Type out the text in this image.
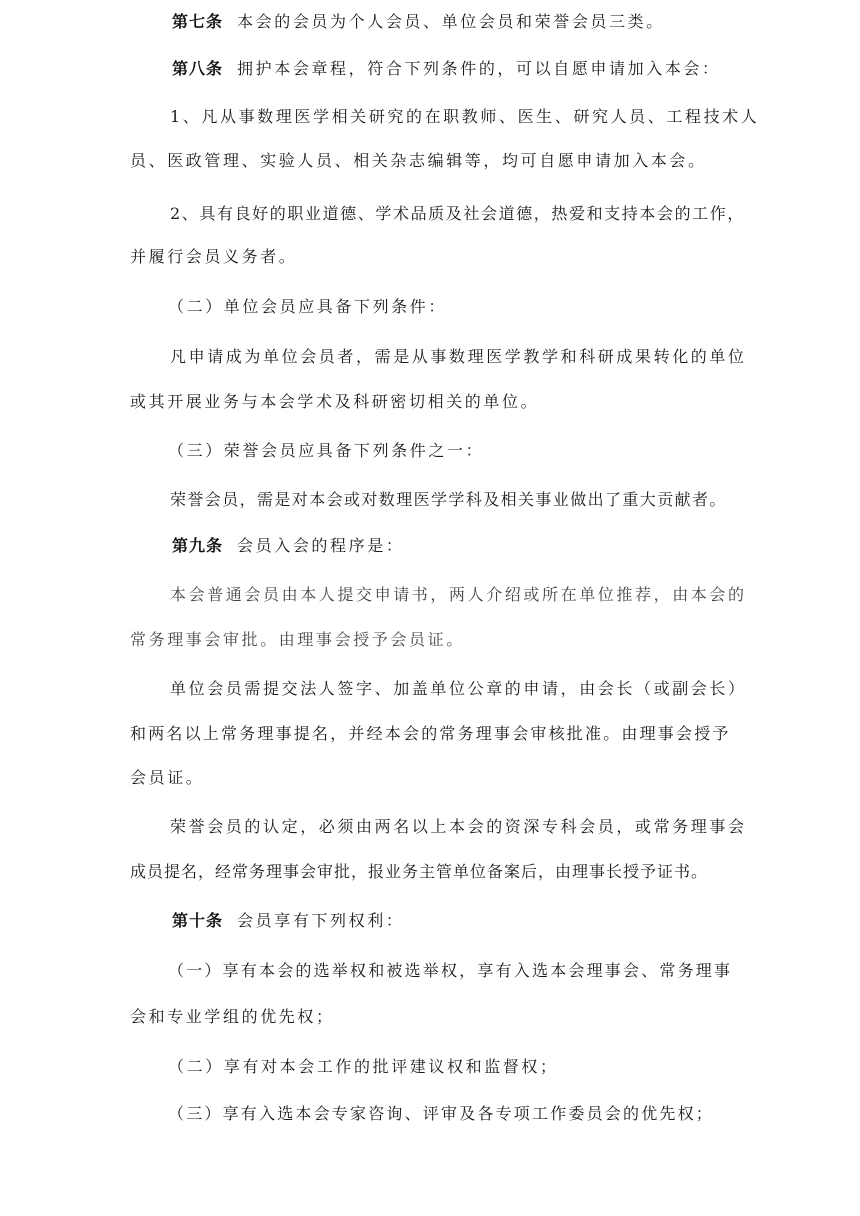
第七条 本会的会员为个人会员、单位会员和荣誉会员三类。
第八条 拥护本会章程，符合下列条件的，可以自愿申请加入本会：
1、凡从事数理医学相关研究的在职教师、医生、研究人员、工程技术人
员、医政管理、实验人员、相关杂志编辑等，均可自愿申请加入本会。
2、具有良好的职业道德、学术品质及社会道德，热爱和支持本会的工作，
并履行会员义务者。
（二）单位会员应具备下列条件：
凡申请成为单位会员者，需是从事数理医学教学和科研成果转化的单位
或其开展业务与本会学术及科研密切相关的单位。
（三）荣誉会员应具备下列条件之一：
荣誉会员，需是对本会或对数理医学学科及相关事业做出了重大贡献者。
第九条 会员入会的程序是：
本会普通会员由本人提交申请书，两人介绍或所在单位推荐，由本会的
常务理事会审批。由理事会授予会员证。
单位会员需提交法人签字、加盖单位公章的申请，由会长（或副会长）
和两名以上常务理事提名，并经本会的常务理事会审核批准。由理事会授予
会员证。
荣誉会员的认定，必须由两名以上本会的资深专科会员，或常务理事会
成员提名，经常务理事会审批，报业务主管单位备案后，由理事长授予证书。
第十条 会员享有下列权利：
（一）享有本会的选举权和被选举权，享有入选本会理事会、常务理事
会和专业学组的优先权；
（二）享有对本会工作的批评建议权和监督权；
（三）享有入选本会专家咨询、评审及各专项工作委员会的优先权；
